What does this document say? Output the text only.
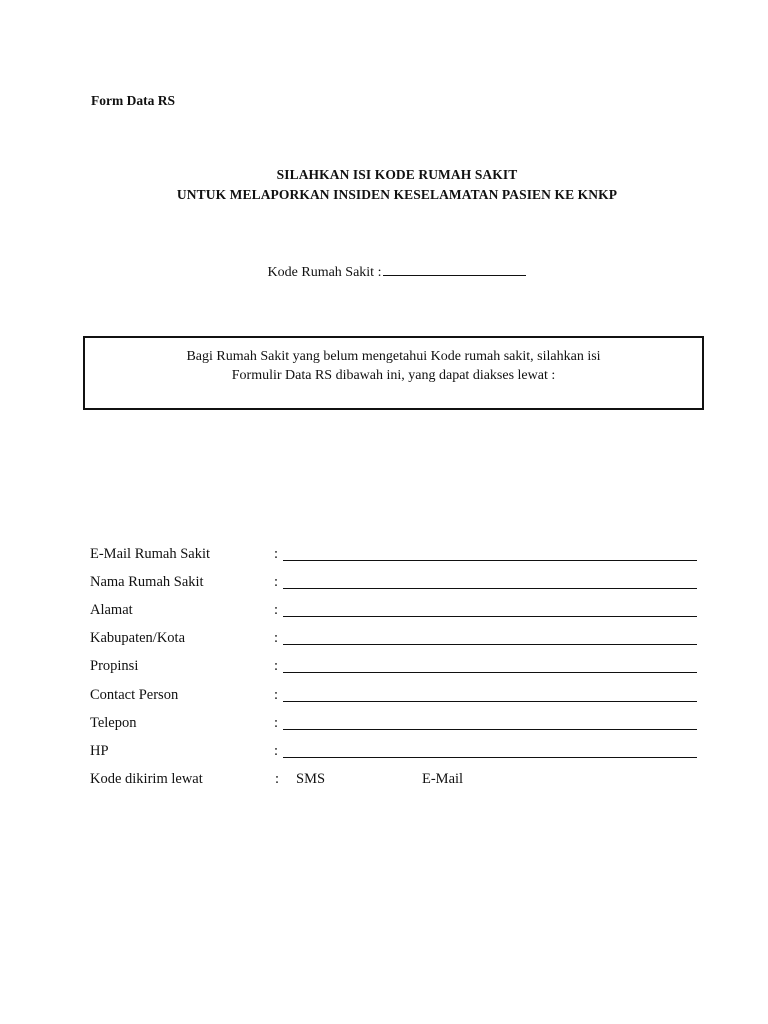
Form Data RS
SILAHKAN ISI KODE RUMAH SAKIT
UNTUK MELAPORKAN INSIDEN KESELAMATAN PASIEN KE KNKP
Kode Rumah Sakit :
Bagi Rumah Sakit yang belum mengetahui Kode rumah sakit, silahkan isi
Formulir Data RS dibawah ini, yang dapat diakses lewat :
E-Mail Rumah Sakit	:
Nama Rumah Sakit	:
Alamat	:
Kabupaten/Kota	:
Propinsi	:
Contact Person	:
Telepon	:
HP	:
Kode dikirim lewat	: SMS	E-Mail
